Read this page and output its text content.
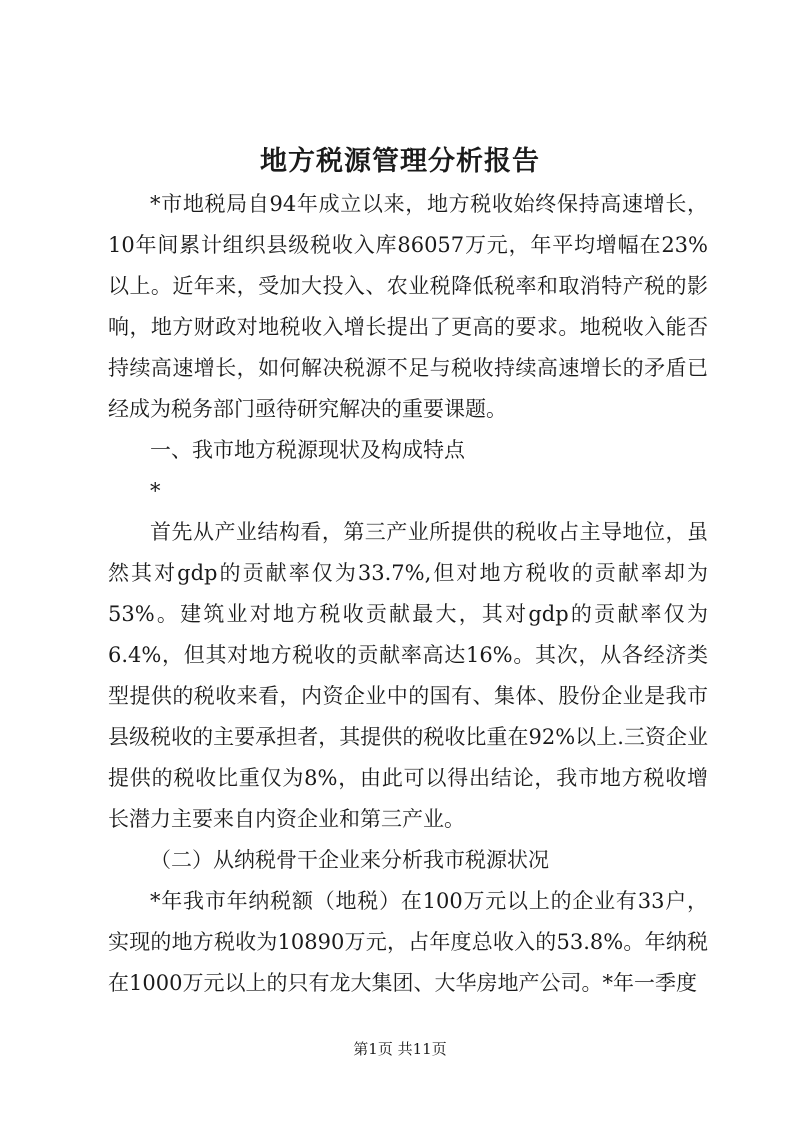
地方税源管理分析报告

*市地税局自94年成立以来，地方税收始终保持高速增长，10年间累计组织县级税收入库86057万元，年平均增幅在23%以上。近年来，受加大投入、农业税降低税率和取消特产税的影响，地方财政对地税收入增长提出了更高的要求。地税收入能否持续高速增长，如何解决税源不足与税收持续高速增长的矛盾已经成为税务部门亟待研究解决的重要课题。

一、我市地方税源现状及构成特点

*

首先从产业结构看，第三产业所提供的税收占主导地位，虽然其对gdp的贡献率仅为33.7%,但对地方税收的贡献率却为53%。建筑业对地方税收贡献最大，其对gdp的贡献率仅为6.4%，但其对地方税收的贡献率高达16%。其次，从各经济类型提供的税收来看，内资企业中的国有、集体、股份企业是我市县级税收的主要承担者，其提供的税收比重在92%以上.三资企业提供的税收比重仅为8%，由此可以得出结论，我市地方税收增长潜力主要来自内资企业和第三产业。

（二）从纳税骨干企业来分析我市税源状况

*年我市年纳税额（地税）在100万元以上的企业有33户，实现的地方税收为10890万元，占年度总收入的53.8%。年纳税在1000万元以上的只有龙大集团、大华房地产公司。*年一季度

第1页 共11页
